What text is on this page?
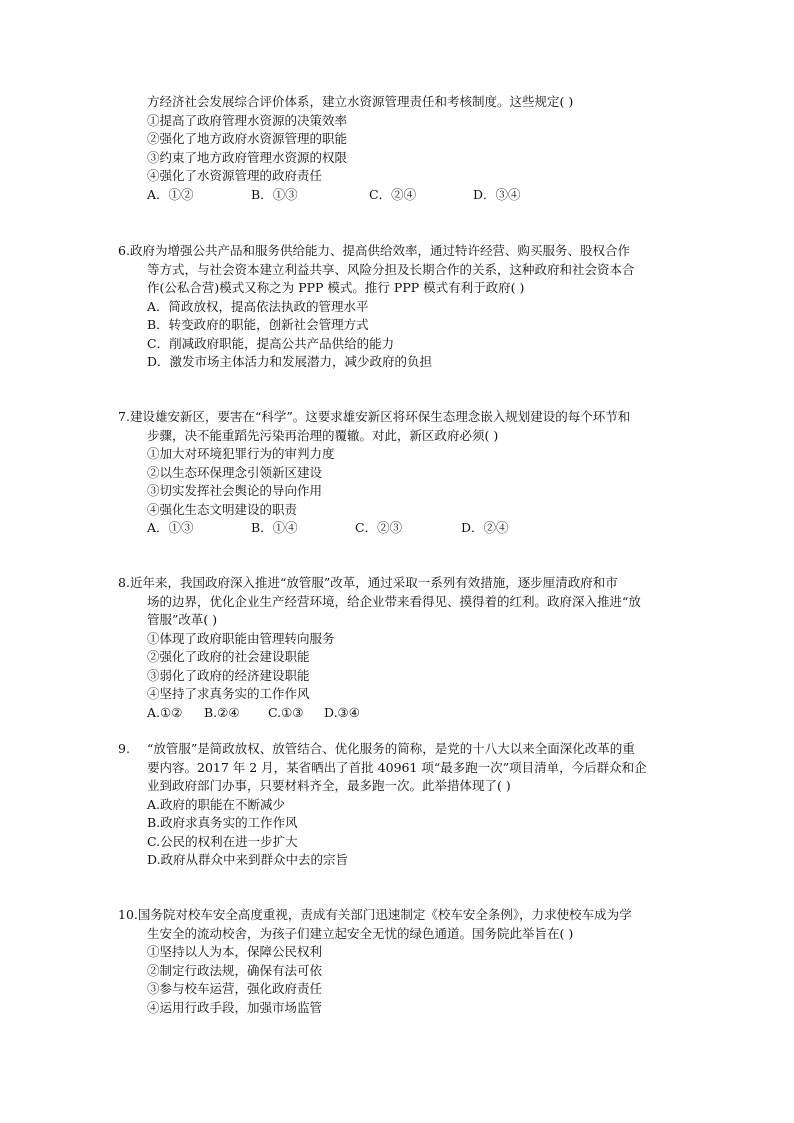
方经济社会发展综合评价体系，建立水资源管理责任和考核制度。这些规定( )
①提高了政府管理水资源的决策效率
②强化了地方政府水资源管理的职能
③约束了地方政府管理水资源的权限
④强化了水资源管理的政府责任
A．①②	B．①③	C．②④	D．③④
6.政府为增强公共产品和服务供给能力、提高供给效率，通过特许经营、购买服务、股权合作
等方式，与社会资本建立利益共享、风险分担及长期合作的关系，这种政府和社会资本合
作(公私合营)模式又称之为 PPP 模式。推行 PPP 模式有利于政府( )
A．简政放权，提高依法执政的管理水平
B．转变政府的职能，创新社会管理方式
C．削减政府职能，提高公共产品供给的能力
D．激发市场主体活力和发展潜力，减少政府的负担
7.建设雄安新区，要害在“科学”。这要求雄安新区将环保生态理念嵌入规划建设的每个环节和
步骤，决不能重蹈先污染再治理的覆辙。对此，新区政府必须( )
①加大对环境犯罪行为的审判力度
②以生态环保理念引领新区建设
③切实发挥社会舆论的导向作用
④强化生态文明建设的职责
A．①③	B．①④	C．②③	D．②④
8.近年来，我国政府深入推进“放管服”改革，通过采取一系列有效措施，逐步厘清政府和市
场的边界，优化企业生产经营环境，给企业带来看得见、摸得着的红利。政府深入推进“放
管服”改革( )
①体现了政府职能由管理转向服务
②强化了政府的社会建设职能
③弱化了政府的经济建设职能
④坚持了求真务实的工作作风
A.①②	B.②④	C.①③	D.③④
9. “放管服”是简政放权、放管结合、优化服务的简称，是党的十八大以来全面深化改革的重
要内容。2017 年 2 月，某省晒出了首批 40961 项“最多跑一次”项目清单，今后群众和企
业到政府部门办事，只要材料齐全，最多跑一次。此举措体现了( )
A.政府的职能在不断减少
B.政府求真务实的工作作风
C.公民的权利在进一步扩大
D.政府从群众中来到群众中去的宗旨
10.国务院对校车安全高度重视，责成有关部门迅速制定《校车安全条例》，力求使校车成为学
生安全的流动校舍，为孩子们建立起安全无忧的绿色通道。国务院此举旨在( )
①坚持以人为本，保障公民权利
②制定行政法规，确保有法可依
③参与校车运营，强化政府责任
④运用行政手段，加强市场监管
